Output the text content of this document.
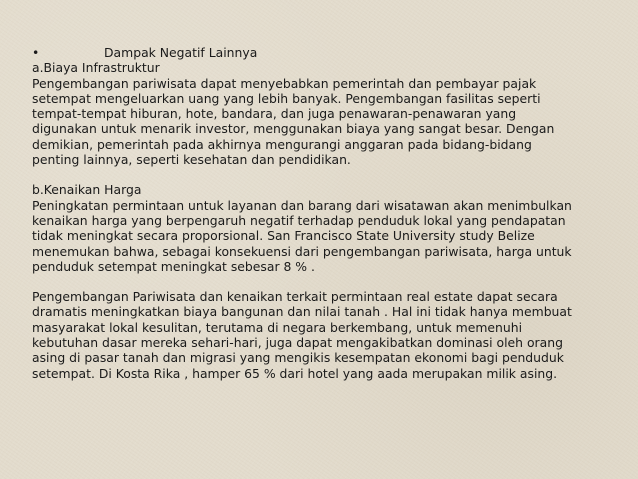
•	Dampak Negatif Lainnya

a.Biaya Infrastruktur

Pengembangan pariwisata dapat menyebabkan pemerintah dan pembayar pajak

setempat mengeluarkan uang yang lebih banyak. Pengembangan fasilitas seperti

tempat-tempat hiburan, hote, bandara, dan juga penawaran-penawaran yang

digunakan untuk menarik investor, menggunakan biaya yang sangat besar. Dengan

demikian, pemerintah pada akhirnya mengurangi anggaran pada bidang-bidang

penting lainnya, seperti kesehatan dan pendidikan.

b.Kenaikan Harga

Peningkatan permintaan untuk layanan dan barang dari wisatawan akan menimbulkan

kenaikan harga yang berpengaruh negatif terhadap penduduk lokal yang pendapatan

tidak meningkat secara proporsional. San Francisco State University study Belize

menemukan bahwa, sebagai konsekuensi dari pengembangan pariwisata, harga untuk

penduduk setempat meningkat sebesar 8 % .

Pengembangan Pariwisata dan kenaikan terkait permintaan real estate dapat secara

dramatis meningkatkan biaya bangunan dan nilai tanah . Hal ini tidak hanya membuat

masyarakat lokal kesulitan, terutama di negara berkembang, untuk memenuhi

kebutuhan dasar mereka sehari-hari, juga dapat mengakibatkan dominasi oleh orang

asing di pasar tanah dan migrasi yang mengikis kesempatan ekonomi bagi penduduk

setempat. Di Kosta Rika , hamper 65 % dari hotel yang aada merupakan milik asing.
